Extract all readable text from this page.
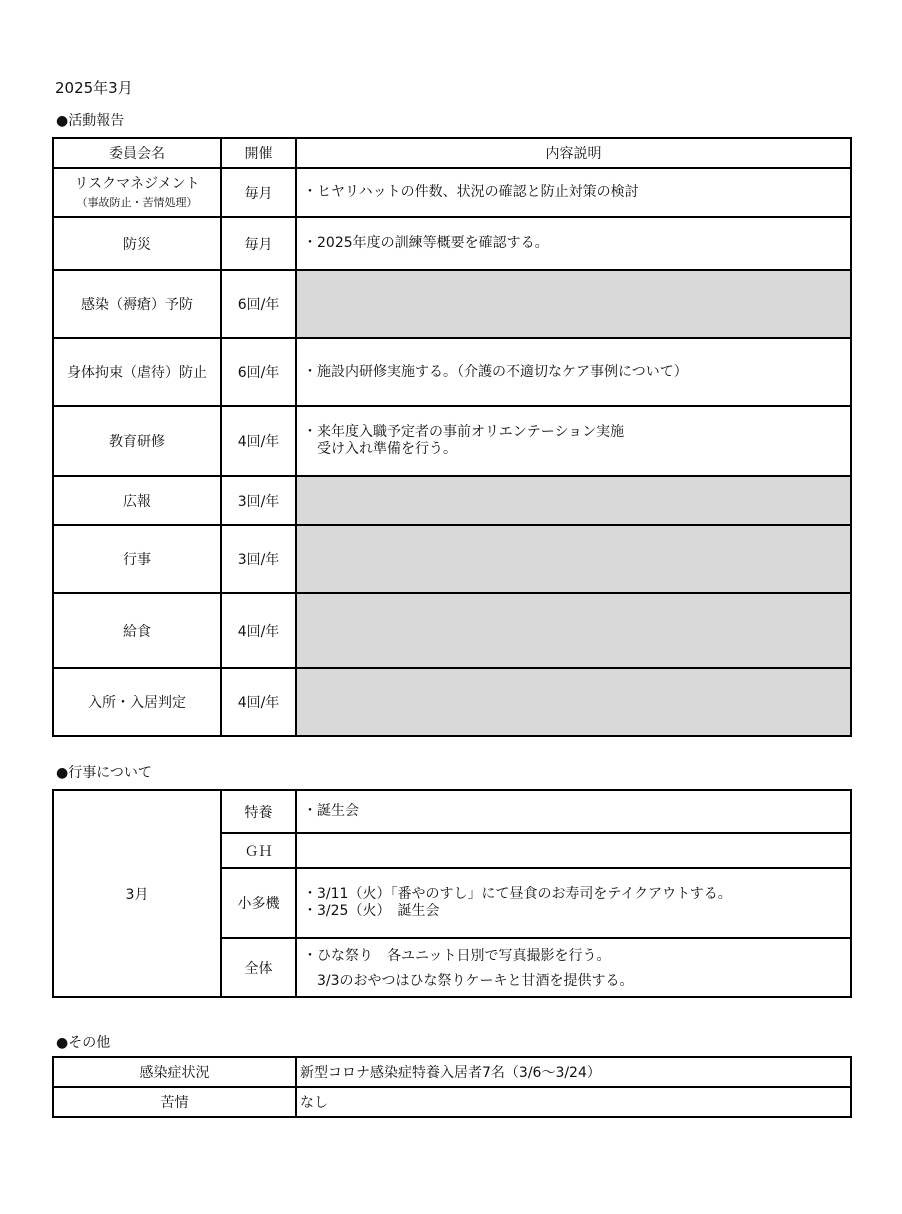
2025年3月
●活動報告
委員会名	開催	内容説明

リスクマネジメント
（事故防止・苦情処理）	毎月	・ヒヤリハットの件数、状況の確認と防止対策の検討

防災	毎月	・2025年度の訓練等概要を確認する。

感染（褥瘡）予防	6回/年	
身体拘束（虐待）防止	6回/年	・施設内研修実施する。（介護の不適切なケア事例について）

教育研修	4回/年	・来年度入職予定者の事前オリエンテーション実施
　受け入れ準備を行う。

広報	3回/年	
行事	3回/年	
給食	4回/年	
入所・入居判定	4回/年	
●行事について
3月	特養	・誕生会

	ＧＨ	
	小多機	・3/11（火）「番やのすし」にて昼食のお寿司をテイクアウトする。
・3/25（火）　誕生会

	全体	・ひな祭り　各ユニット日別で写真撮影を行う。
　3/3のおやつはひな祭りケーキと甘酒を提供する。
●その他
感染症状況	新型コロナ感染症特養入居者7名（3/6〜3/24）
苦情	なし
